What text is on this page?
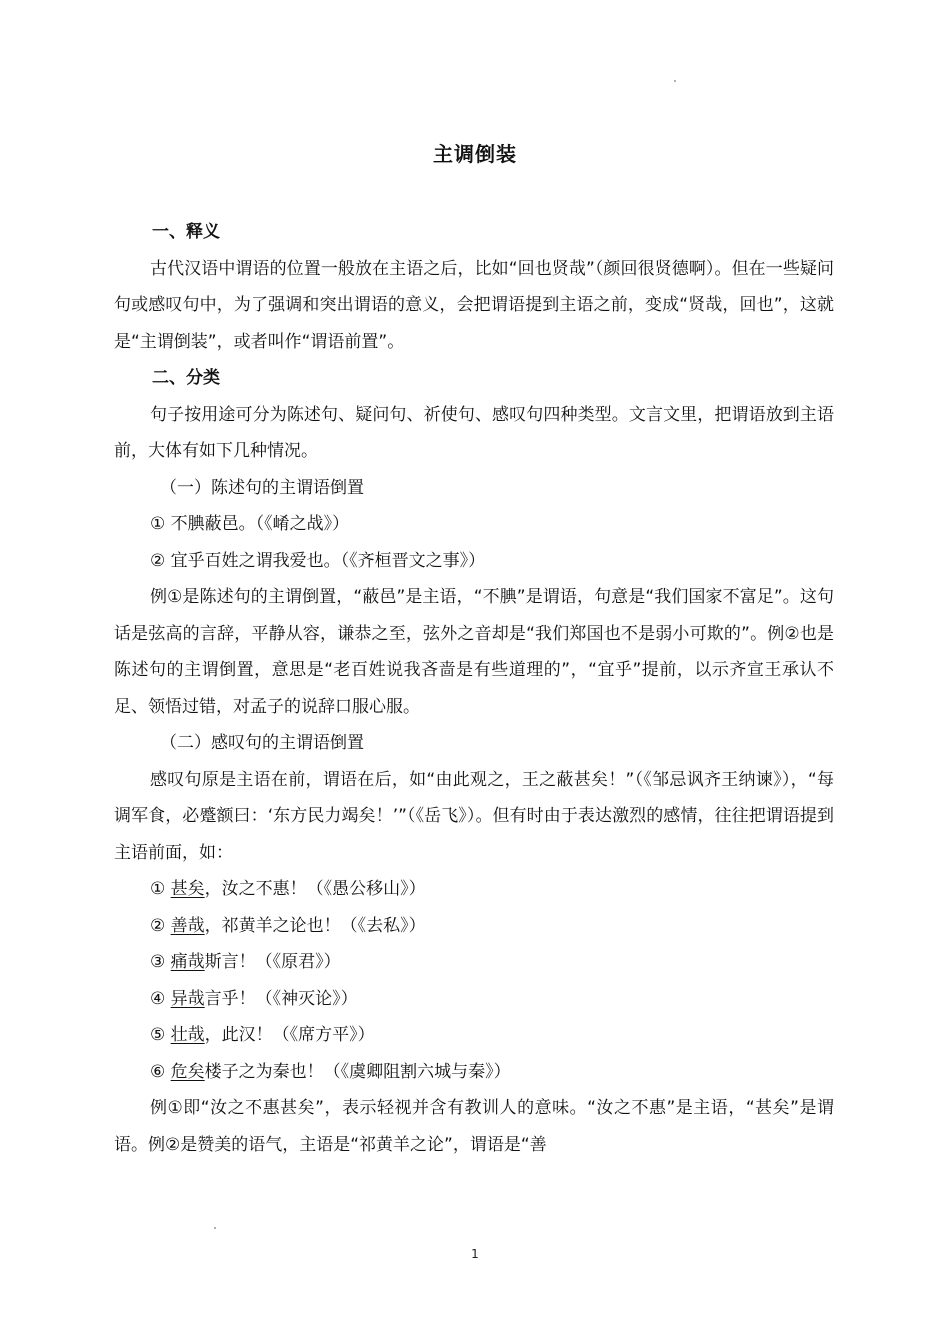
主调倒装

一、释义

古代汉语中谓语的位置一般放在主语之后，比如“回也贤哉”（颜回很贤德啊）。但在一些疑问句或感叹句中，为了强调和突出谓语的意义，会把谓语提到主语之前，变成“贤哉，回也”，这就是“主谓倒装”，或者叫作“谓语前置”。

二、分类

句子按用途可分为陈述句、疑问句、祈使句、感叹句四种类型。文言文里，把谓语放到主语前，大体有如下几种情况。

（一）陈述句的主谓语倒置

① 不腆蔽邑。（《崤之战》）

② 宜乎百姓之谓我爱也。（《齐桓晋文之事》）

例①是陈述句的主谓倒置，“蔽邑”是主语，“不腆”是谓语，句意是“我们国家不富足”。这句话是弦高的言辞，平静从容，谦恭之至，弦外之音却是“我们郑国也不是弱小可欺的”。例②也是陈述句的主谓倒置，意思是“老百姓说我吝啬是有些道理的”，“宜乎”提前，以示齐宣王承认不足、领悟过错，对孟子的说辞口服心服。

（二）感叹句的主谓语倒置

感叹句原是主语在前，谓语在后，如“由此观之，王之蔽甚矣！”（《邹忌讽齐王纳谏》），“每调军食，必蹙额曰：‘东方民力竭矣！’”（《岳飞》）。但有时由于表达激烈的感情，往往把谓语提到主语前面，如：

① 甚矣，汝之不惠！（《愚公移山》）

② 善哉，祁黄羊之论也！（《去私》）

③ 痛哉斯言！（《原君》）

④ 异哉言乎！（《神灭论》）

⑤ 壮哉，此汉！（《席方平》）

⑥ 危矣楼子之为秦也！（《虞卿阻割六城与秦》）

例①即“汝之不惠甚矣”，表示轻视并含有教训人的意味。“汝之不惠”是主语，“甚矣”是谓语。例②是赞美的语气，主语是“祁黄羊之论”，谓语是“善

1
